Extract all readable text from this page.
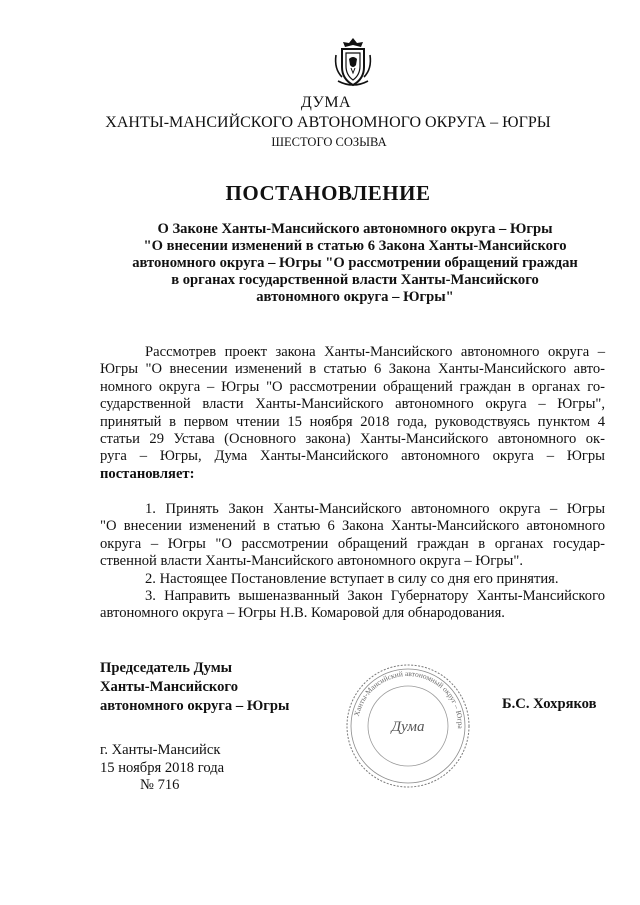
ДУМА
ХАНТЫ-МАНСИЙСКОГО АВТОНОМНОГО ОКРУГА – ЮГРЫ
ШЕСТОГО СОЗЫВА
ПОСТАНОВЛЕНИЕ
О Законе Ханты-Мансийского автономного округа – Югры
"О внесении изменений в статью 6 Закона Ханты-Мансийского
автономного округа – Югры "О рассмотрении обращений граждан
в органах государственной власти Ханты-Мансийского
автономного округа – Югры"
Рассмотрев проект закона Ханты-Мансийского автономного округа –
Югры "О внесении изменений в статью 6 Закона Ханты-Мансийского авто-
номного округа – Югры "О рассмотрении обращений граждан в органах го-
сударственной власти Ханты-Мансийского автономного округа – Югры",
принятый в первом чтении 15 ноября 2018 года, руководствуясь пунктом 4
статьи 29 Устава (Основного закона) Ханты-Мансийского автономного ок-
руга – Югры, Дума Ханты-Мансийского автономного округа – Югры
постановляет:
1. Принять Закон Ханты-Мансийского автономного округа – Югры
"О внесении изменений в статью 6 Закона Ханты-Мансийского автономного
округа – Югры "О рассмотрении обращений граждан в органах государ-
ственной власти Ханты-Мансийского автономного округа – Югры".
2. Настоящее Постановление вступает в силу со дня его принятия.
3. Направить вышеназванный Закон Губернатору Ханты-Мансийского
автономного округа – Югры Н.В. Комаровой для обнародования.
Председатель Думы
Ханты-Мансийского
автономного округа – Югры	Ханты-Мансийский автономный округ – Югра
Дума
Б.С. Хохряков
г. Ханты-Мансийск
15 ноября 2018 года
№ 716
